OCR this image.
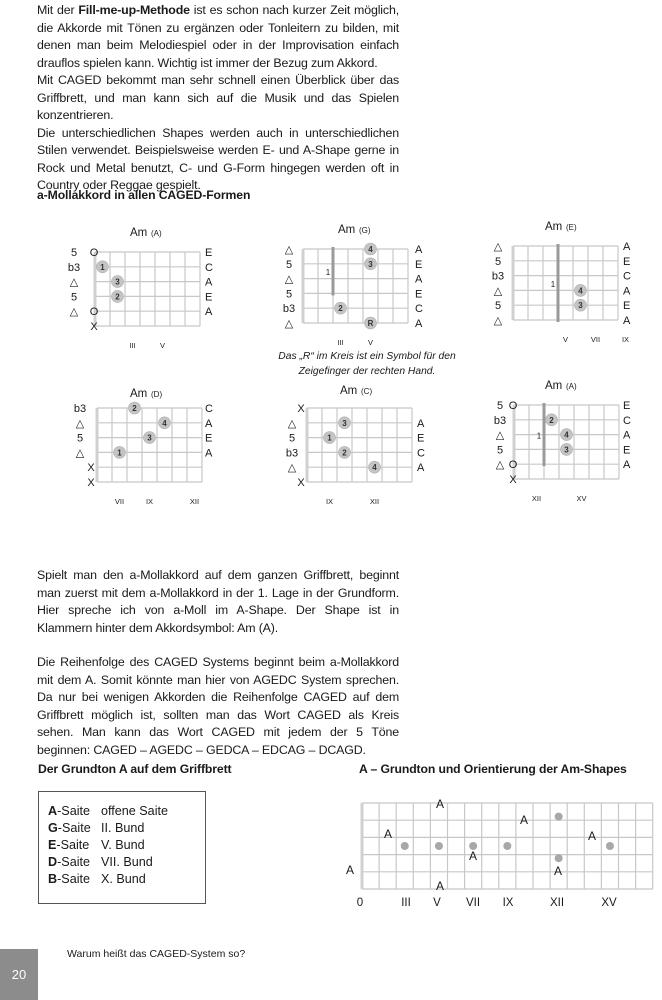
Mit der Fill-me-up-Methode ist es schon nach kurzer Zeit möglich, die Akkorde mit Tönen zu ergänzen oder Tonleitern zu bilden, mit denen man beim Melodiespiel oder in der Improvisation einfach drauflos spielen kann. Wichtig ist immer der Bezug zum Akkord.

Mit CAGED bekommt man sehr schnell einen Überblick über das Griffbrett, und man kann sich auf die Musik und das Spielen konzentrieren.

Die unterschiedlichen Shapes werden auch in unterschiedlichen Stilen verwendet. Beispielsweise werden E- und A-Shape gerne in Rock und Metal benutzt, C- und G-Form hingegen werden oft in Country oder Reggae gespielt.

a-Mollakkord in allen CAGED-Formen
Am (A)
5
b3
△
5
△
E
C
A
E
A
O
O
X
III	V
1
3
2
Am (G)
△
5
△
5
b3
△
A
E
A
E
C
A
III	V
1
4
3
2
R
Am (E)
△
5
b3
△
5
△
A
E
C
A
E
A
V	VII	IX
1
4
3
Am (D)
b3
△
5
△
X
X
C
A
E
A
VII	IX	XII
2
4
3
1
Am (C)
X
△
5
b3
△
X
A
E
C
A
IX	XII
3
1
2
4
Am (A)
5
b3
△
5
△
E
C
A
E
A
O
O
X
XII	XV
1
2
4
3
A
A
A
A
A
A
A
A
0	III V VII IX	XII	XV
Das „R“ im Kreis ist ein Symbol für den Zeigefinger der rechten Hand.

Spielt man den a-Mollakkord auf dem ganzen Griffbrett, beginnt man zuerst mit dem a-Mollakkord in der 1. Lage in der Grundform. Hier spreche ich von a-Moll im A-Shape. Der Shape ist in Klammern hinter dem Akkordsymbol: Am (A).

Die Reihenfolge des CAGED Systems beginnt beim a-Mollakkord mit dem A. Somit könnte man hier von AGEDC System sprechen. Da nur bei wenigen Akkorden die Reihenfolge CAGED auf dem Griffbrett möglich ist, sollten man das Wort CAGED als Kreis sehen. Man kann das Wort CAGED mit jedem der 5 Töne beginnen: CAGED – AGEDC – GEDCA – EDCAG – DCAGD.

Der Grundton A auf dem Griffbrett
A-Saite offene Saite
G-Saite II. Bund
E-Saite V. Bund
D-Saite VII. Bund
B-Saite X. Bund
A – Grundton und Orientierung der Am-Shapes
20
Warum heißt das CAGED-System so?
